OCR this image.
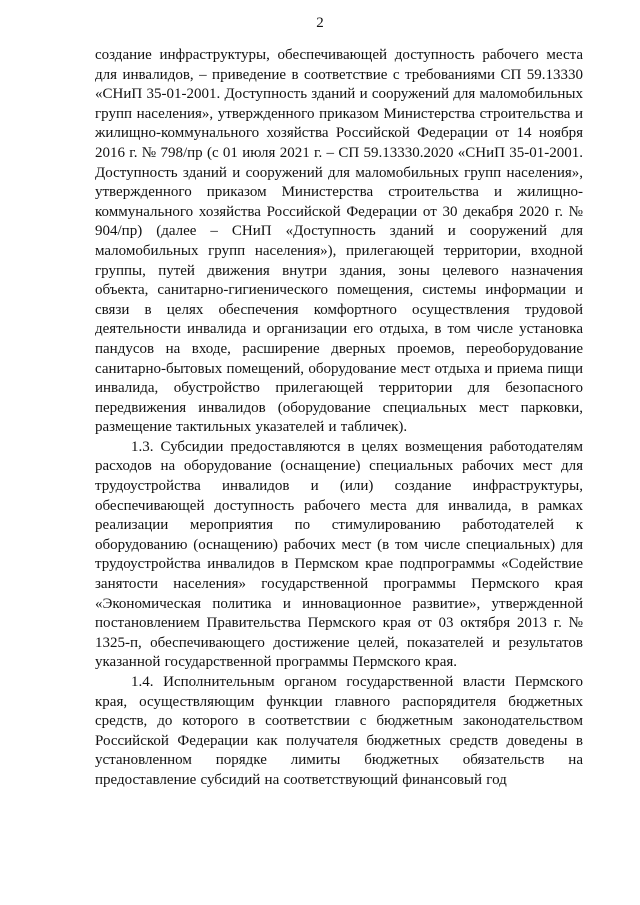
2

создание инфраструктуры, обеспечивающей доступность рабочего места для инвалидов, – приведение в соответствие с требованиями СП 59.13330 «СНиП 35-01-2001. Доступность зданий и сооружений для маломобильных групп населения», утвержденного приказом Министерства строительства и жилищно-коммунального хозяйства Российской Федерации от 14 ноября 2016 г. № 798/пр (с 01 июля 2021 г. – СП 59.13330.2020 «СНиП 35-01-2001. Доступность зданий и сооружений для маломобильных групп населения», утвержденного приказом Министерства строительства и жилищно-коммунального хозяйства Российской Федерации от 30 декабря 2020 г. № 904/пр) (далее – СНиП «Доступность зданий и сооружений для маломобильных групп населения»), прилегающей территории, входной группы, путей движения внутри здания, зоны целевого назначения объекта, санитарно-гигиенического помещения, системы информации и связи в целях обеспечения комфортного осуществления трудовой деятельности инвалида и организации его отдыха, в том числе установка пандусов на входе, расширение дверных проемов, переоборудование санитарно-бытовых помещений, оборудование мест отдыха и приема пищи инвалида, обустройство прилегающей территории для безопасного передвижения инвалидов (оборудование специальных мест парковки, размещение тактильных указателей и табличек).

1.3. Субсидии предоставляются в целях возмещения работодателям расходов на оборудование (оснащение) специальных рабочих мест для трудоустройства инвалидов и (или) создание инфраструктуры, обеспечивающей доступность рабочего места для инвалида, в рамках реализации мероприятия по стимулированию работодателей к оборудованию (оснащению) рабочих мест (в том числе специальных) для трудоустройства инвалидов в Пермском крае подпрограммы «Содействие занятости населения» государственной программы Пермского края «Экономическая политика и инновационное развитие», утвержденной постановлением Правительства Пермского края от 03 октября 2013 г. № 1325-п, обеспечивающего достижение целей, показателей и результатов указанной государственной программы Пермского края.

1.4. Исполнительным органом государственной власти Пермского края, осуществляющим функции главного распорядителя бюджетных средств, до которого в соответствии с бюджетным законодательством Российской Федерации как получателя бюджетных средств доведены в установленном порядке лимиты бюджетных обязательств на предоставление субсидий на соответствующий финансовый год
